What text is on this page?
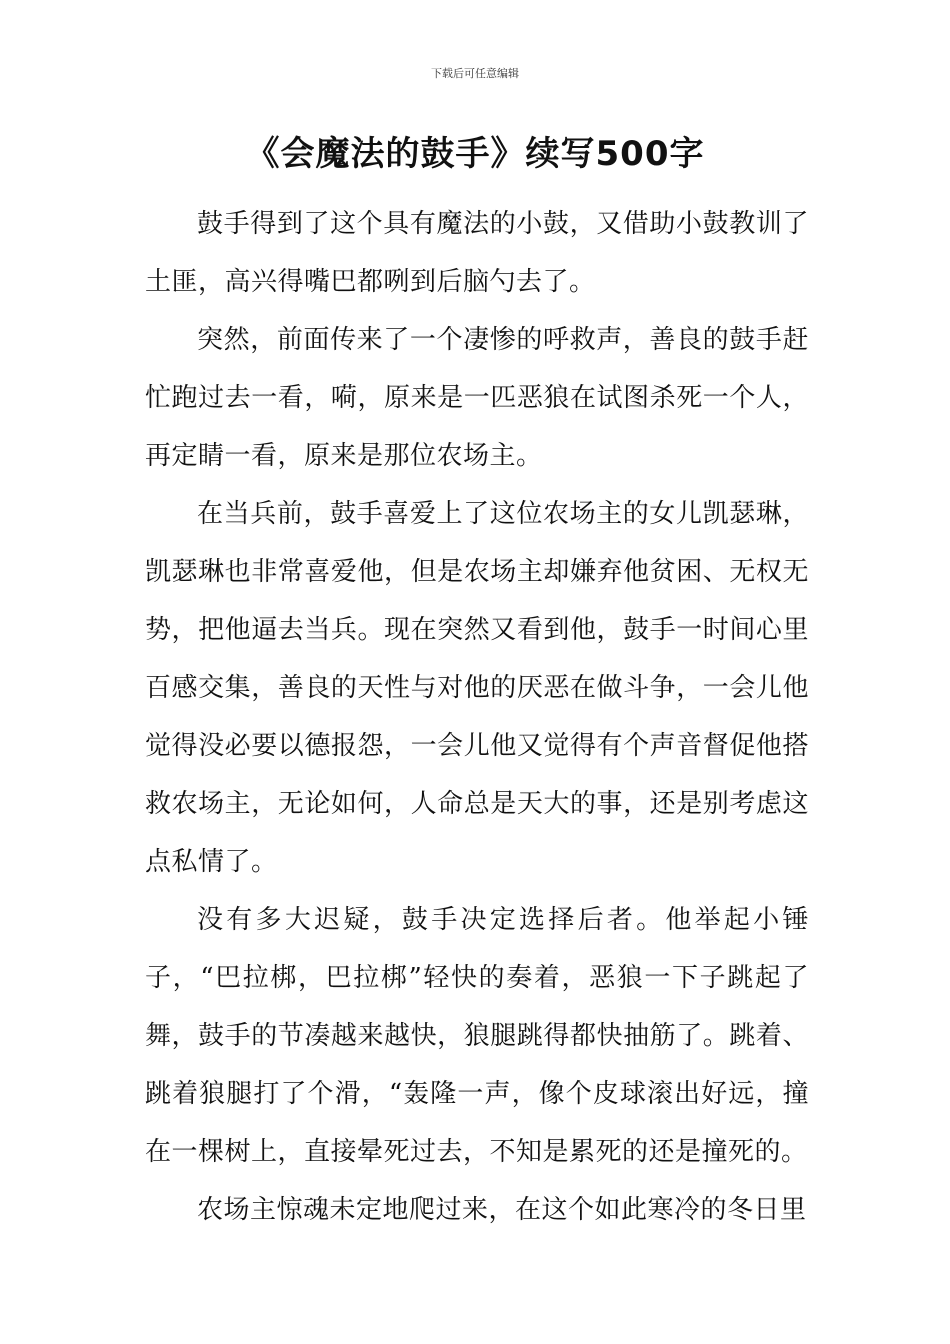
下载后可任意编辑
《会魔法的鼓手》续写500字

鼓手得到了这个具有魔法的小鼓，又借助小鼓教训了土匪，高兴得嘴巴都咧到后脑勺去了。

突然，前面传来了一个凄惨的呼救声，善良的鼓手赶忙跑过去一看，嗬，原来是一匹恶狼在试图杀死一个人，再定睛一看，原来是那位农场主。

在当兵前，鼓手喜爱上了这位农场主的女儿凯瑟琳，凯瑟琳也非常喜爱他，但是农场主却嫌弃他贫困、无权无势，把他逼去当兵。现在突然又看到他，鼓手一时间心里百感交集，善良的天性与对他的厌恶在做斗争，一会儿他觉得没必要以德报怨，一会儿他又觉得有个声音督促他搭救农场主，无论如何，人命总是天大的事，还是别考虑这点私情了。

没有多大迟疑，鼓手决定选择后者。他举起小锤子，“巴拉梆，巴拉梆”轻快的奏着，恶狼一下子跳起了舞，鼓手的节凑越来越快，狼腿跳得都快抽筋了。跳着、跳着狼腿打了个滑，“轰隆一声，像个皮球滚出好远，撞在一棵树上，直接晕死过去，不知是累死的还是撞死的。

农场主惊魂未定地爬过来，在这个如此寒冷的冬日里
